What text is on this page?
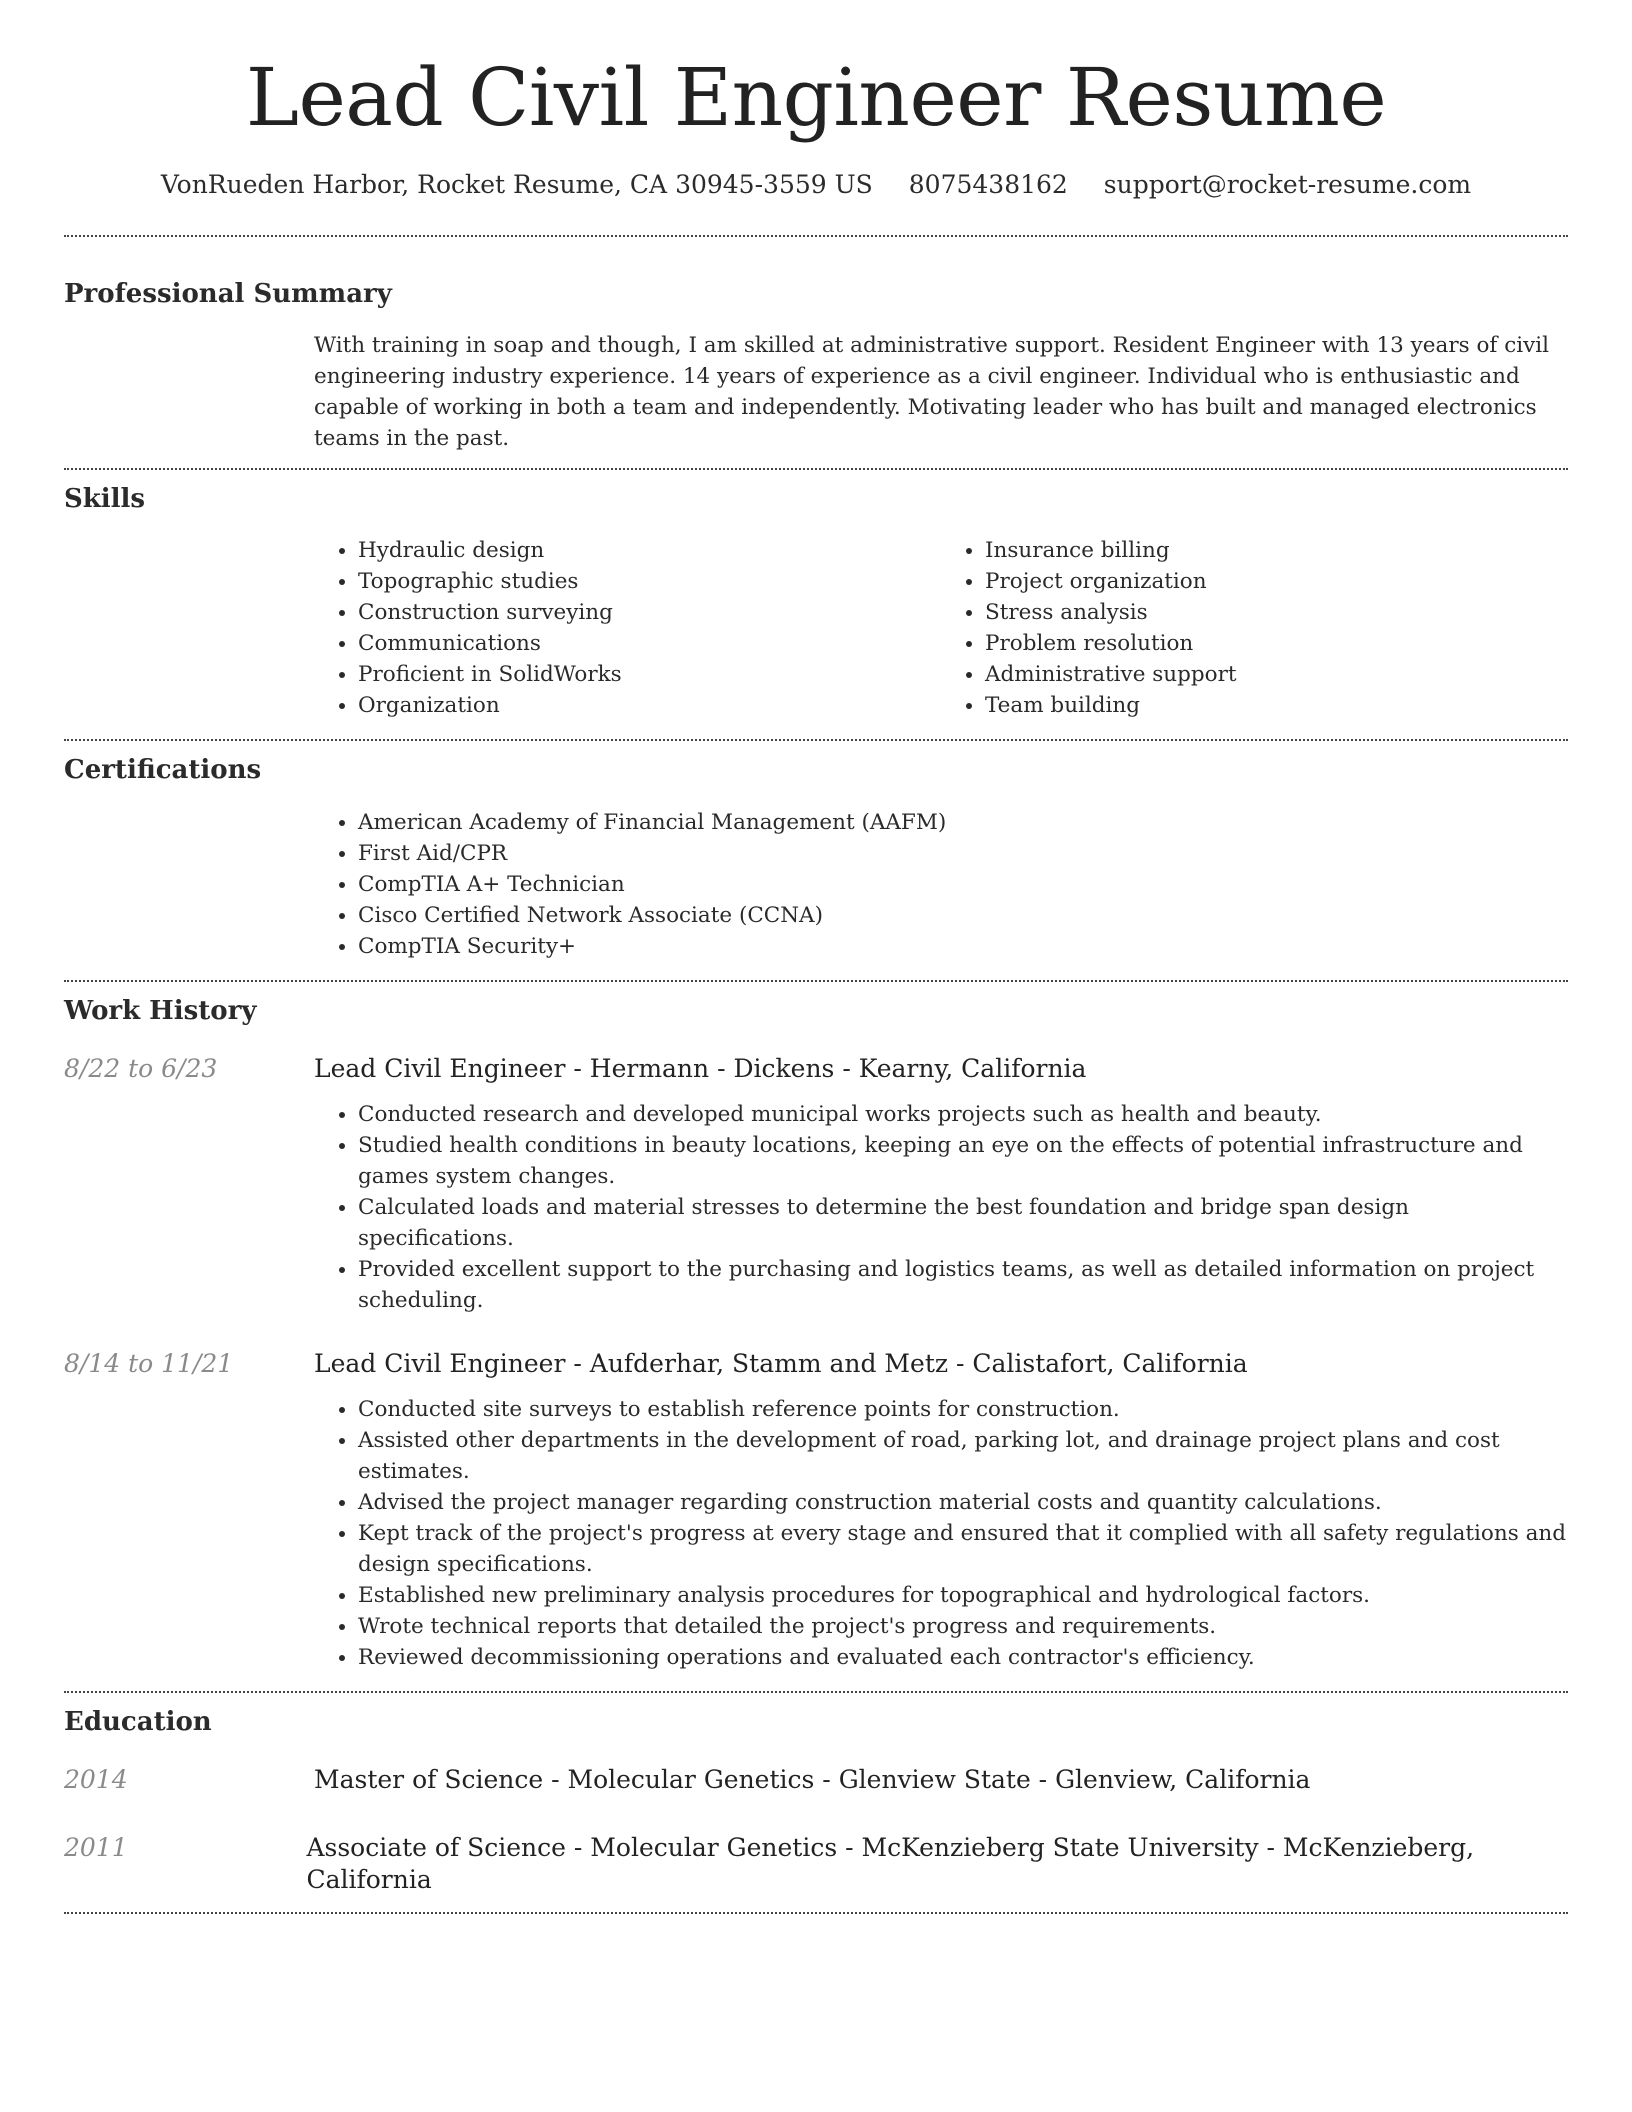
Lead Civil Engineer Resume
VonRueden Harbor, Rocket Resume, CA 30945-3559 US 8075438162 support@rocket-resume.com
Professional Summary
With training in soap and though, I am skilled at administrative support. Resident Engineer with 13 years of civil engineering industry experience. 14 years of experience as a civil engineer. Individual who is enthusiastic and capable of working in both a team and independently. Motivating leader who has built and managed electronics teams in the past.
Skills
• Hydraulic design
• Topographic studies
• Construction surveying
• Communications
• Proficient in SolidWorks
• Organization
• Insurance billing
• Project organization
• Stress analysis
• Problem resolution
• Administrative support
• Team building
Certifications
• American Academy of Financial Management (AAFM)
• First Aid/CPR
• CompTIA A+ Technician
• Cisco Certified Network Associate (CCNA)
• CompTIA Security+
Work History
8/22 to 6/23	Lead Civil Engineer - Hermann - Dickens - Kearny, California
• Conducted research and developed municipal works projects such as health and beauty.
• Studied health conditions in beauty locations, keeping an eye on the effects of potential infrastructure and games system changes.
• Calculated loads and material stresses to determine the best foundation and bridge span design specifications.
• Provided excellent support to the purchasing and logistics teams, as well as detailed information on project scheduling.
8/14 to 11/21	Lead Civil Engineer - Aufderhar, Stamm and Metz - Calistafort, California
• Conducted site surveys to establish reference points for construction.
• Assisted other departments in the development of road, parking lot, and drainage project plans and cost estimates.
• Advised the project manager regarding construction material costs and quantity calculations.
• Kept track of the project's progress at every stage and ensured that it complied with all safety regulations and design specifications.
• Established new preliminary analysis procedures for topographical and hydrological factors.
• Wrote technical reports that detailed the project's progress and requirements.
• Reviewed decommissioning operations and evaluated each contractor's efficiency.
Education
2014	Master of Science - Molecular Genetics - Glenview State - Glenview, California
2011	Associate of Science - Molecular Genetics - McKenzieberg State University - McKenzieberg, California
